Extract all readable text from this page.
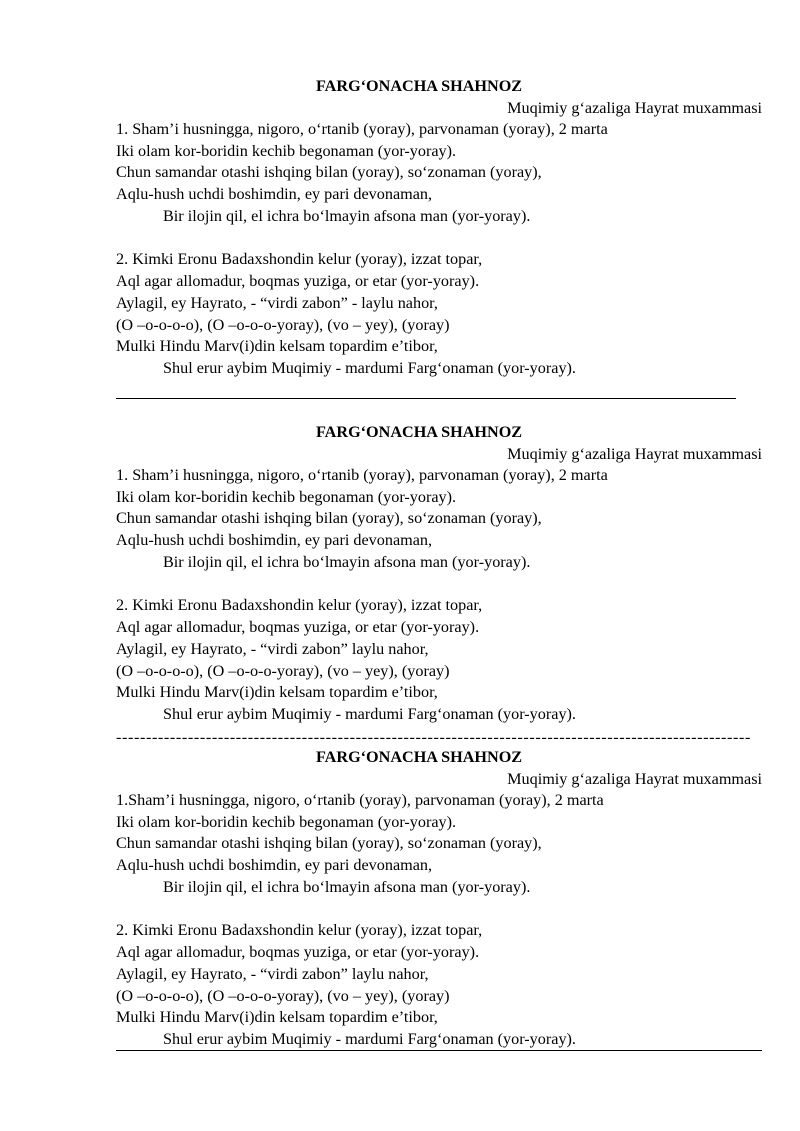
FARG‘ONACHA SHAHNOZ
Muqimiy g‘azaliga Hayrat muxammasi
1. Sham’i husningga, nigoro, o‘rtanib (yoray), parvonaman (yoray), 2 marta
Iki olam kor-boridin kechib begonaman (yor-yoray).
Chun samandar otashi ishqing bilan (yoray), so‘zonaman (yoray),
Aqlu-hush uchdi boshimdin, ey pari devonaman,
Bir ilojin qil, el ichra bo‘lmayin afsona man (yor-yoray).
2. Kimki Eronu Badaxshondin kelur (yoray), izzat topar,
Aql agar allomadur, boqmas yuziga, or etar (yor-yoray).
Aylagil, ey Hayrato, - “virdi zabon” - laylu nahor,
(O –o-o-o-o), (O –o-o-o-yoray), (vo – yey), (yoray)
Mulki Hindu Marv(i)din kelsam topardim e’tibor,
Shul erur aybim Muqimiy - mardumi Farg‘onaman (yor-yoray).
FARG‘ONACHA SHAHNOZ
Muqimiy g‘azaliga Hayrat muxammasi
1. Sham’i husningga, nigoro, o‘rtanib (yoray), parvonaman (yoray), 2 marta
Iki olam kor-boridin kechib begonaman (yor-yoray).
Chun samandar otashi ishqing bilan (yoray), so‘zonaman (yoray),
Aqlu-hush uchdi boshimdin, ey pari devonaman,
Bir ilojin qil, el ichra bo‘lmayin afsona man (yor-yoray).
2. Kimki Eronu Badaxshondin kelur (yoray), izzat topar,
Aql agar allomadur, boqmas yuziga, or etar (yor-yoray).
Aylagil, ey Hayrato, - “virdi zabon” laylu nahor,
(O –o-o-o-o), (O –o-o-o-yoray), (vo – yey), (yoray)
Mulki Hindu Marv(i)din kelsam topardim e’tibor,
Shul erur aybim Muqimiy - mardumi Farg‘onaman (yor-yoray).
----------------------------------------------------------------------------------------------------------
FARG‘ONACHA SHAHNOZ
Muqimiy g‘azaliga Hayrat muxammasi
1.Sham’i husningga, nigoro, o‘rtanib (yoray), parvonaman (yoray), 2 marta
Iki olam kor-boridin kechib begonaman (yor-yoray).
Chun samandar otashi ishqing bilan (yoray), so‘zonaman (yoray),
Aqlu-hush uchdi boshimdin, ey pari devonaman,
Bir ilojin qil, el ichra bo‘lmayin afsona man (yor-yoray).
2. Kimki Eronu Badaxshondin kelur (yoray), izzat topar,
Aql agar allomadur, boqmas yuziga, or etar (yor-yoray).
Aylagil, ey Hayrato, - “virdi zabon” laylu nahor,
(O –o-o-o-o), (O –o-o-o-yoray), (vo – yey), (yoray)
Mulki Hindu Marv(i)din kelsam topardim e’tibor,
Shul erur aybim Muqimiy - mardumi Farg‘onaman (yor-yoray).
